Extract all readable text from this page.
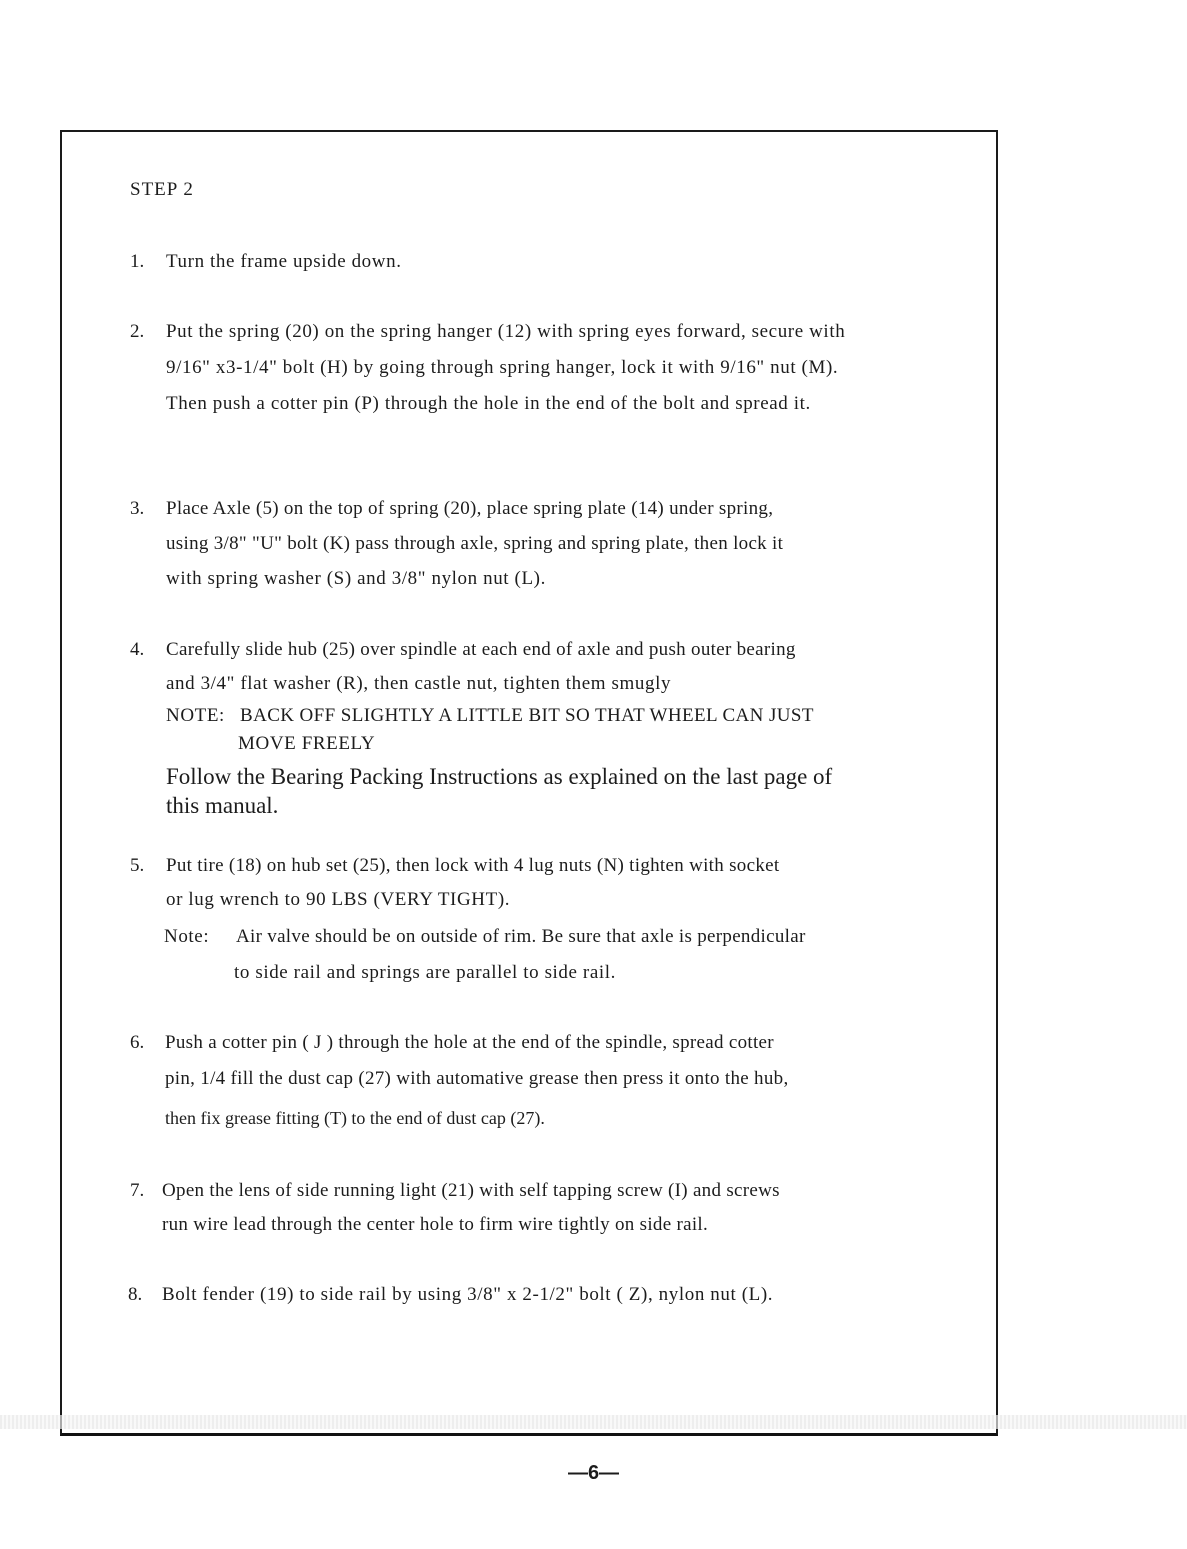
STEP 2
1. Turn the frame upside down.
2. Put the spring (20) on the spring hanger (12) with spring eyes forward, secure with
9/16" x3-1/4" bolt (H) by going through spring hanger, lock it with 9/16" nut (M).
Then push a cotter pin (P) through the hole in the end of the bolt and spread it.
3. Place Axle (5) on the top of spring (20), place spring plate (14) under spring,
using 3/8" "U" bolt (K) pass through axle, spring and spring plate, then lock it
with spring washer (S) and 3/8" nylon nut (L).
4. Carefully slide hub (25) over spindle at each end of axle and push outer bearing
and 3/4" flat washer (R), then castle nut, tighten them smugly
NOTE: BACK OFF SLIGHTLY A LITTLE BIT SO THAT WHEEL CAN JUST
MOVE FREELY
Follow the Bearing Packing Instructions as explained on the last page of
this manual.
5. Put tire (18) on hub set (25), then lock with 4 lug nuts (N) tighten with socket
or lug wrench to 90 LBS (VERY TIGHT).
Note: Air valve should be on outside of rim. Be sure that axle is perpendicular
to side rail and springs are parallel to side rail.
6. Push a cotter pin ( J ) through the hole at the end of the spindle, spread cotter
pin, 1/4 fill the dust cap (27) with automative grease then press it onto the hub,
then fix grease fitting (T) to the end of dust cap (27).
7. Open the lens of side running light (21) with self tapping screw (I) and screws
run wire lead through the center hole to firm wire tightly on side rail.
8. Bolt fender (19) to side rail by using 3/8" x 2-1/2" bolt ( Z), nylon nut (L).
—6—
